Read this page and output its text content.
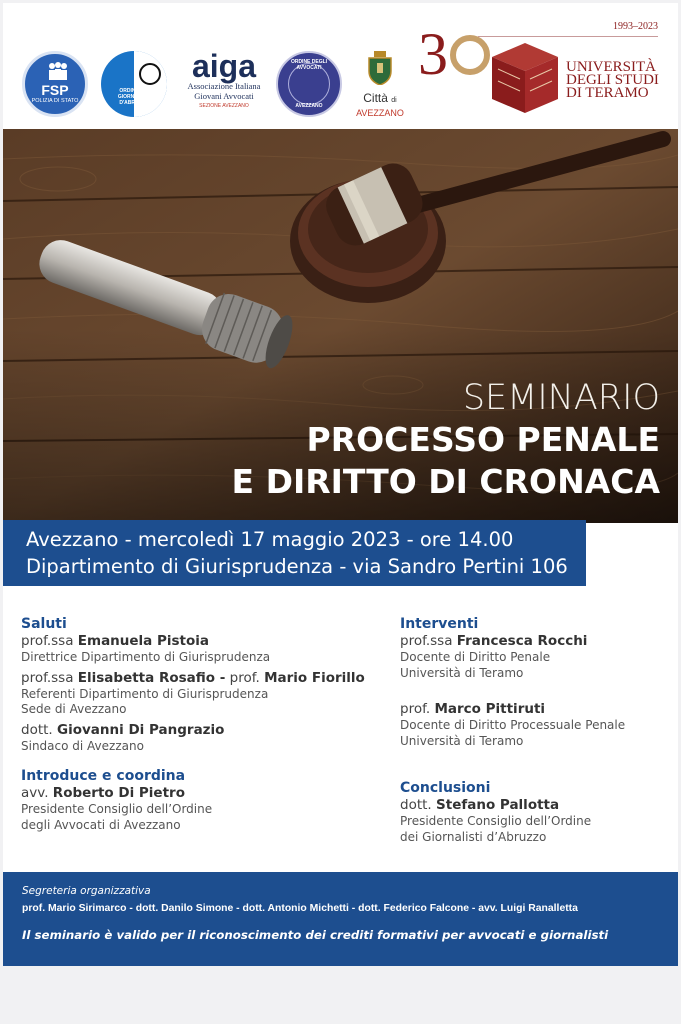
FSP
POLIZIA DI STATO
ORDINE DEI GIORNALISTI D'ABRUZZO
aiga
Associazione Italiana
Giovani Avvocati
SEZIONE AVEZZANO
ORDINE DEGLI AVVOCATI
AVEZZANO
Città di
AVEZZANO
1993–2023
3	UNIVERSITÀ
DEGLI STUDI
DI TERAMO
SEMINARIO
PROCESSO PENALE
E DIRITTO DI CRONACA
Avezzano - mercoledì 17 maggio 2023 - ore 14.00
Dipartimento di Giurisprudenza - via Sandro Pertini 106
Saluti
prof.ssa Emanuela Pistoia
Direttrice Dipartimento di Giurisprudenza
prof.ssa Elisabetta Rosafio - prof. Mario Fiorillo
Referenti Dipartimento di Giurisprudenza
Sede di Avezzano
dott. Giovanni Di Pangrazio
Sindaco di Avezzano
Introduce e coordina
avv. Roberto Di Pietro
Presidente Consiglio dell’Ordine
degli Avvocati di Avezzano
Interventi
prof.ssa Francesca Rocchi
Docente di Diritto Penale
Università di Teramo
prof. Marco Pittiruti
Docente di Diritto Processuale Penale
Università di Teramo
Conclusioni
dott. Stefano Pallotta
Presidente Consiglio dell’Ordine
dei Giornalisti d’Abruzzo
Segreteria organizzativa
prof. Mario Sirimarco - dott. Danilo Simone - dott. Antonio Michetti - dott. Federico Falcone - avv. Luigi Ranalletta
Il seminario è valido per il riconoscimento dei crediti formativi per avvocati e giornalisti
